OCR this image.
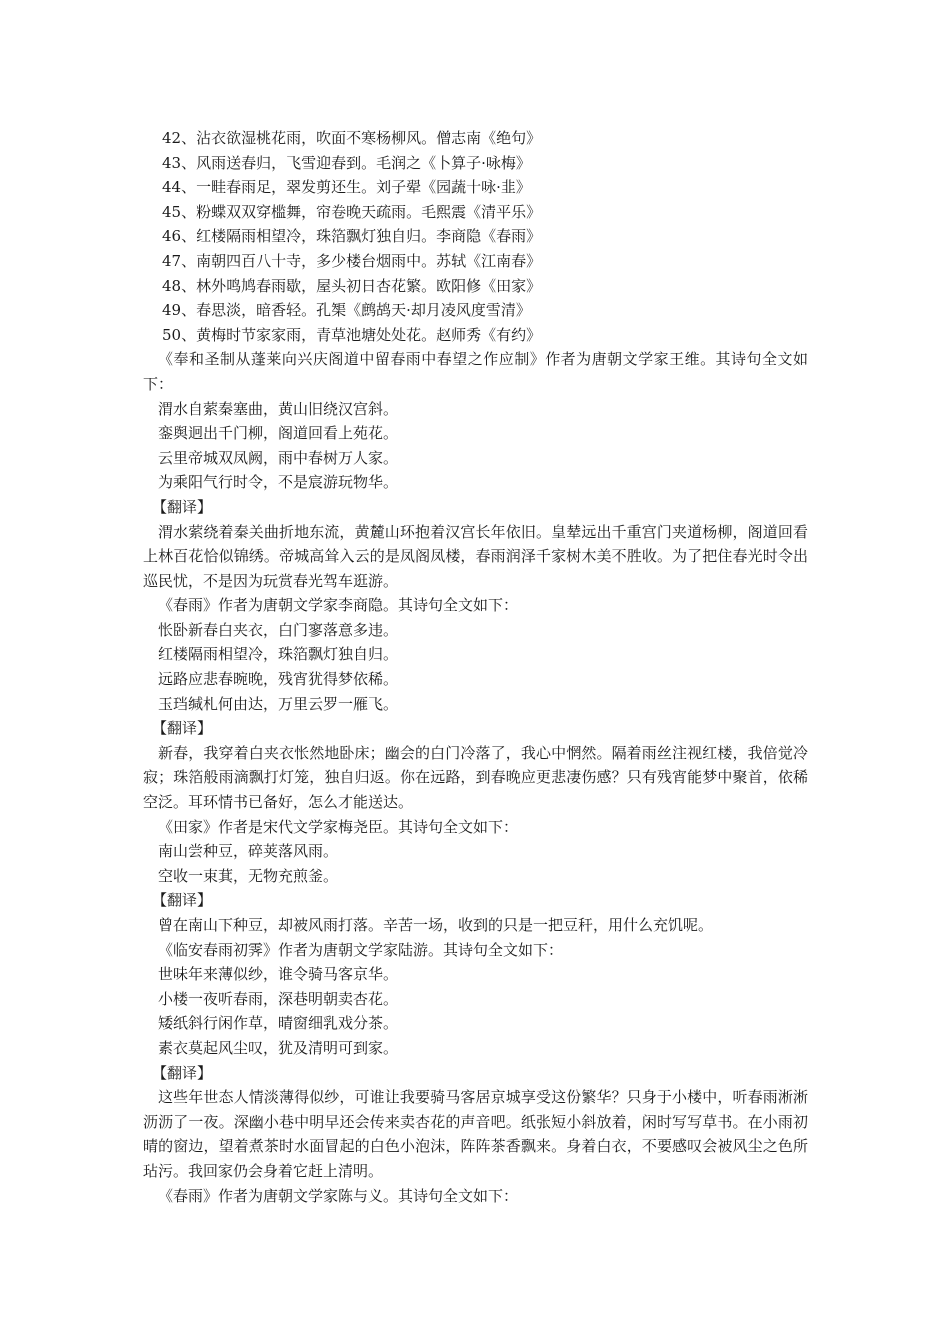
42、沾衣欲湿桃花雨，吹面不寒杨柳风。僧志南《绝句》
43、风雨送春归，飞雪迎春到。毛润之《卜算子·咏梅》
44、一畦春雨足，翠发剪还生。刘子翚《园蔬十咏·韭》
45、粉蝶双双穿槛舞，帘卷晚天疏雨。毛熙震《清平乐》
46、红楼隔雨相望冷，珠箔飘灯独自归。李商隐《春雨》
47、南朝四百八十寺，多少楼台烟雨中。苏轼《江南春》
48、林外鸣鸠春雨歇，屋头初日杏花繁。欧阳修《田家》
49、春思淡，暗香轻。孔榘《鹧鸪天·却月凌风度雪清》
50、黄梅时节家家雨，青草池塘处处花。赵师秀《有约》

《奉和圣制从蓬莱向兴庆阁道中留春雨中春望之作应制》作者为唐朝文学家王维。其诗句全文如下：

渭水自萦秦塞曲，黄山旧绕汉宫斜。
銮舆迥出千门柳，阁道回看上苑花。
云里帝城双凤阙，雨中春树万人家。
为乘阳气行时令，不是宸游玩物华。
【翻译】

渭水萦绕着秦关曲折地东流，黄麓山环抱着汉宫长年依旧。皇辇远出千重宫门夹道杨柳，阁道回看上林百花恰似锦绣。帝城高耸入云的是凤阁凤楼，春雨润泽千家树木美不胜收。为了把住春光时令出巡民忧，不是因为玩赏春光驾车逛游。

《春雨》作者为唐朝文学家李商隐。其诗句全文如下：

怅卧新春白夹衣，白门寥落意多违。
红楼隔雨相望冷，珠箔飘灯独自归。
远路应悲春晼晚，残宵犹得梦依稀。
玉珰缄札何由达，万里云罗一雁飞。
【翻译】

新春，我穿着白夹衣怅然地卧床；幽会的白门冷落了，我心中惘然。隔着雨丝注视红楼，我倍觉冷寂；珠箔般雨滴飘打灯笼，独自归返。你在远路，到春晚应更悲凄伤感？只有残宵能梦中聚首，依稀空泛。耳环情书已备好，怎么才能送达。

《田家》作者是宋代文学家梅尧臣。其诗句全文如下：

南山尝种豆，碎荚落风雨。
空收一束萁，无物充煎釜。
【翻译】

曾在南山下种豆，却被风雨打落。辛苦一场，收到的只是一把豆秆，用什么充饥呢。

《临安春雨初霁》作者为唐朝文学家陆游。其诗句全文如下：

世味年来薄似纱，谁令骑马客京华。
小楼一夜听春雨，深巷明朝卖杏花。
矮纸斜行闲作草，晴窗细乳戏分茶。
素衣莫起风尘叹，犹及清明可到家。
【翻译】

这些年世态人情淡薄得似纱，可谁让我要骑马客居京城享受这份繁华？只身于小楼中，听春雨淅淅沥沥了一夜。深幽小巷中明早还会传来卖杏花的声音吧。纸张短小斜放着，闲时写写草书。在小雨初晴的窗边，望着煮茶时水面冒起的白色小泡沫，阵阵茶香飘来。身着白衣，不要感叹会被风尘之色所玷污。我回家仍会身着它赶上清明。

《春雨》作者为唐朝文学家陈与义。其诗句全文如下：
